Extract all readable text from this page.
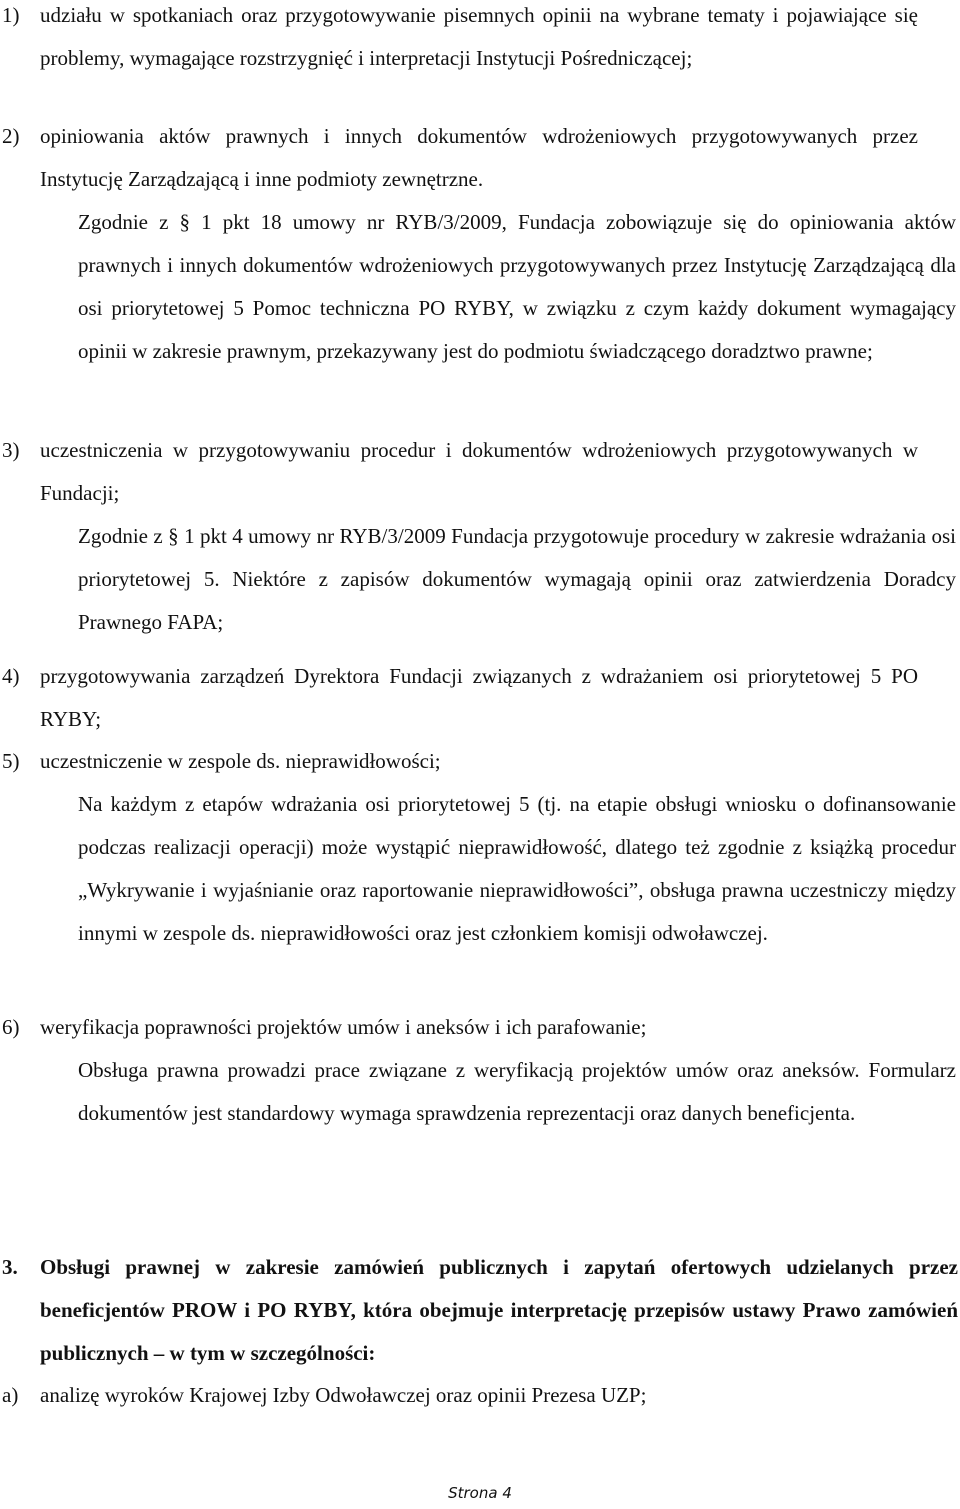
1) udziału w spotkaniach oraz przygotowywanie pisemnych opinii na wybrane tematy i pojawiające się problemy, wymagające rozstrzygnięć i interpretacji Instytucji Pośredniczącej;
2) opiniowania aktów prawnych i innych dokumentów wdrożeniowych przygotowywanych przez Instytucję Zarządzającą i inne podmioty zewnętrzne.
Zgodnie z § 1 pkt 18 umowy nr RYB/3/2009, Fundacja zobowiązuje się do opiniowania aktów prawnych i innych dokumentów wdrożeniowych przygotowywanych przez Instytucję Zarządzającą dla osi priorytetowej 5 Pomoc techniczna PO RYBY, w związku z czym każdy dokument wymagający opinii w zakresie prawnym, przekazywany jest do podmiotu świadczącego doradztwo prawne;
3) uczestniczenia w przygotowywaniu procedur i dokumentów wdrożeniowych przygotowywanych w Fundacji;
Zgodnie z § 1 pkt 4 umowy nr RYB/3/2009 Fundacja przygotowuje procedury w zakresie wdrażania osi priorytetowej 5. Niektóre z zapisów dokumentów wymagają opinii oraz zatwierdzenia Doradcy Prawnego FAPA;
4) przygotowywania zarządzeń Dyrektora Fundacji związanych z wdrażaniem osi priorytetowej 5 PO RYBY;
5) uczestniczenie w zespole ds. nieprawidłowości;
Na każdym z etapów wdrażania osi priorytetowej 5 (tj. na etapie obsługi wniosku o dofinansowanie podczas realizacji operacji) może wystąpić nieprawidłowość, dlatego też zgodnie z książką procedur „Wykrywanie i wyjaśnianie oraz raportowanie nieprawidłowości”, obsługa prawna uczestniczy między innymi w zespole ds. nieprawidłowości oraz jest członkiem komisji odwoławczej.
6) weryfikacja poprawności projektów umów i aneksów i ich parafowanie;
Obsługa prawna prowadzi prace związane z weryfikacją projektów umów oraz aneksów. Formularz dokumentów jest standardowy wymaga sprawdzenia reprezentacji oraz danych beneficjenta.
3.	Obsługi prawnej w zakresie zamówień publicznych i zapytań ofertowych udzielanych przez beneficjentów PROW i PO RYBY, która obejmuje interpretację przepisów ustawy Prawo zamówień publicznych – w tym w szczególności:
a)	analizę wyroków Krajowej Izby Odwoławczej oraz opinii Prezesa UZP;
Strona 4
